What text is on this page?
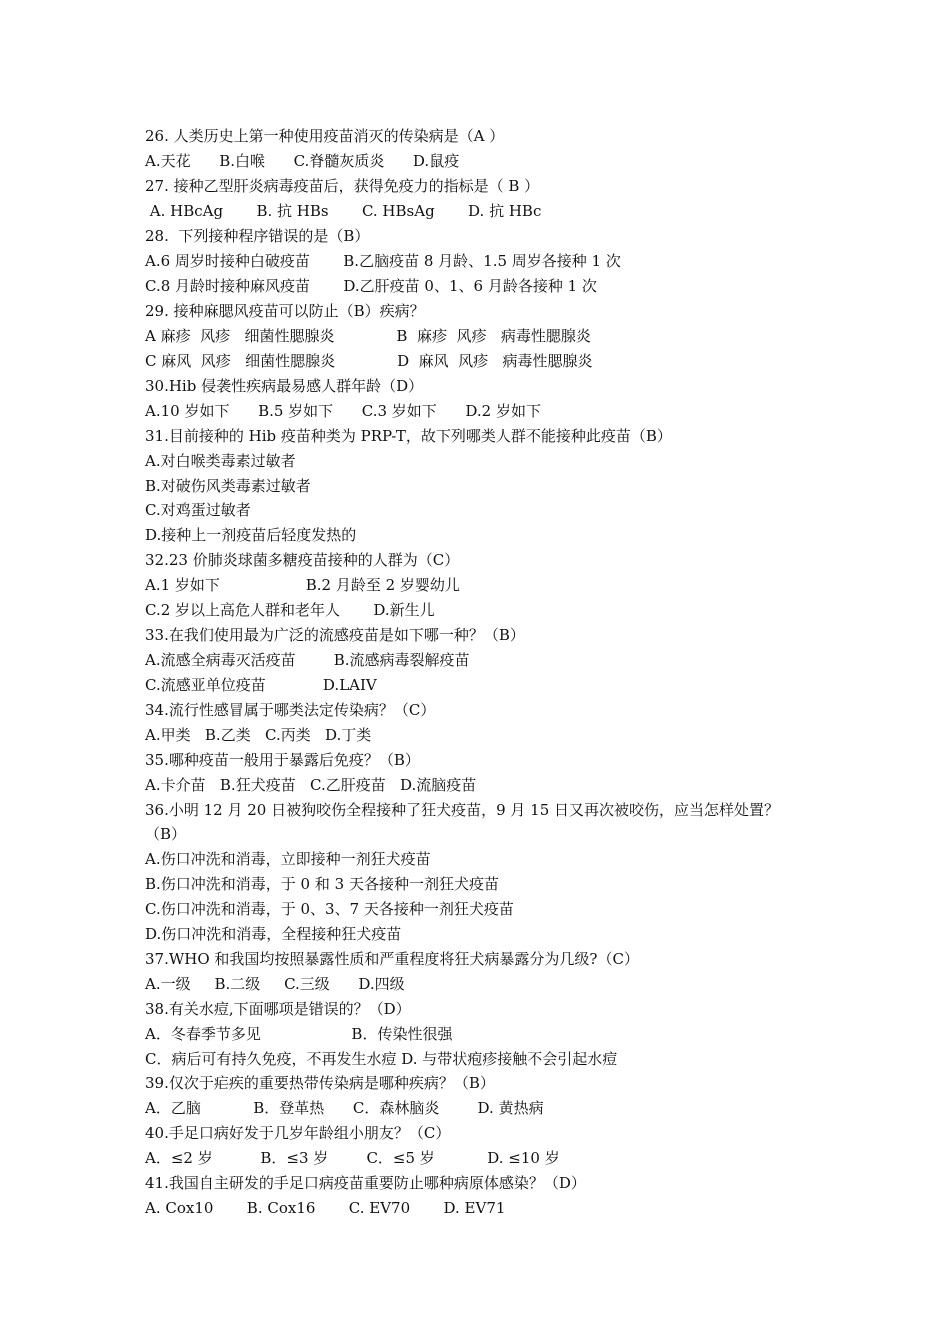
26. 人类历史上第一种使用疫苗消灭的传染病是（A ）
A.天花      B.白喉      C.脊髓灰质炎      D.鼠疫
27. 接种乙型肝炎病毒疫苗后，获得免疫力的指标是（ B ）
A. HBcAg       B. 抗 HBs       C. HBsAg       D. 抗 HBc
28.  下列接种程序错误的是（B）
A.6 周岁时接种白破疫苗       B.乙脑疫苗 8 月龄、1.5 周岁各接种 1 次
C.8 月龄时接种麻风疫苗       D.乙肝疫苗 0、1、6 月龄各接种 1 次
29. 接种麻腮风疫苗可以防止（B）疾病？
A 麻疹  风疹   细菌性腮腺炎             B  麻疹  风疹   病毒性腮腺炎
C 麻风  风疹   细菌性腮腺炎             D  麻风  风疹   病毒性腮腺炎
30.Hib 侵袭性疾病最易感人群年龄（D）
A.10 岁如下      B.5 岁如下      C.3 岁如下      D.2 岁如下
31.目前接种的 Hib 疫苗种类为 PRP-T，故下列哪类人群不能接种此疫苗（B）
A.对白喉类毒素过敏者
B.对破伤风类毒素过敏者
C.对鸡蛋过敏者
D.接种上一剂疫苗后轻度发热的
32.23 价肺炎球菌多糖疫苗接种的人群为（C）
A.1 岁如下                  B.2 月龄至 2 岁婴幼儿
C.2 岁以上高危人群和老年人       D.新生儿
33.在我们使用最为广泛的流感疫苗是如下哪一种？（B）
A.流感全病毒灭活疫苗        B.流感病毒裂解疫苗
C.流感亚单位疫苗            D.LAIV
34.流行性感冒属于哪类法定传染病？（C）
A.甲类   B.乙类   C.丙类   D.丁类
35.哪种疫苗一般用于暴露后免疫？（B）
A.卡介苗   B.狂犬疫苗   C.乙肝疫苗   D.流脑疫苗
36.小明 12 月 20 日被狗咬伤全程接种了狂犬疫苗，9 月 15 日又再次被咬伤，应当怎样处置？
（B）
A.伤口冲洗和消毒，立即接种一剂狂犬疫苗
B.伤口冲洗和消毒，于 0 和 3 天各接种一剂狂犬疫苗
C.伤口冲洗和消毒，于 0、3、7 天各接种一剂狂犬疫苗
D.伤口冲洗和消毒，全程接种狂犬疫苗
37.WHO 和我国均按照暴露性质和严重程度将狂犬病暴露分为几级?（C）
A.一级     B.二级     C.三级      D.四级
38.有关水痘,下面哪项是错误的？（D）
A．冬春季节多见                   B．传染性很强
C．病后可有持久免疫，不再发生水痘 D. 与带状疱疹接触不会引起水痘
39.仅次于疟疾的重要热带传染病是哪种疾病？（B）
A．乙脑           B．登革热      C．森林脑炎        D. 黄热病
40.手足口病好发于几岁年龄组小朋友？（C）
A．≤2 岁          B．≤3 岁        C．≤5 岁           D. ≤10 岁
41.我国自主研发的手足口病疫苗重要防止哪种病原体感染？（D）
A. Cox10       B. Cox16       C. EV70       D. EV71
